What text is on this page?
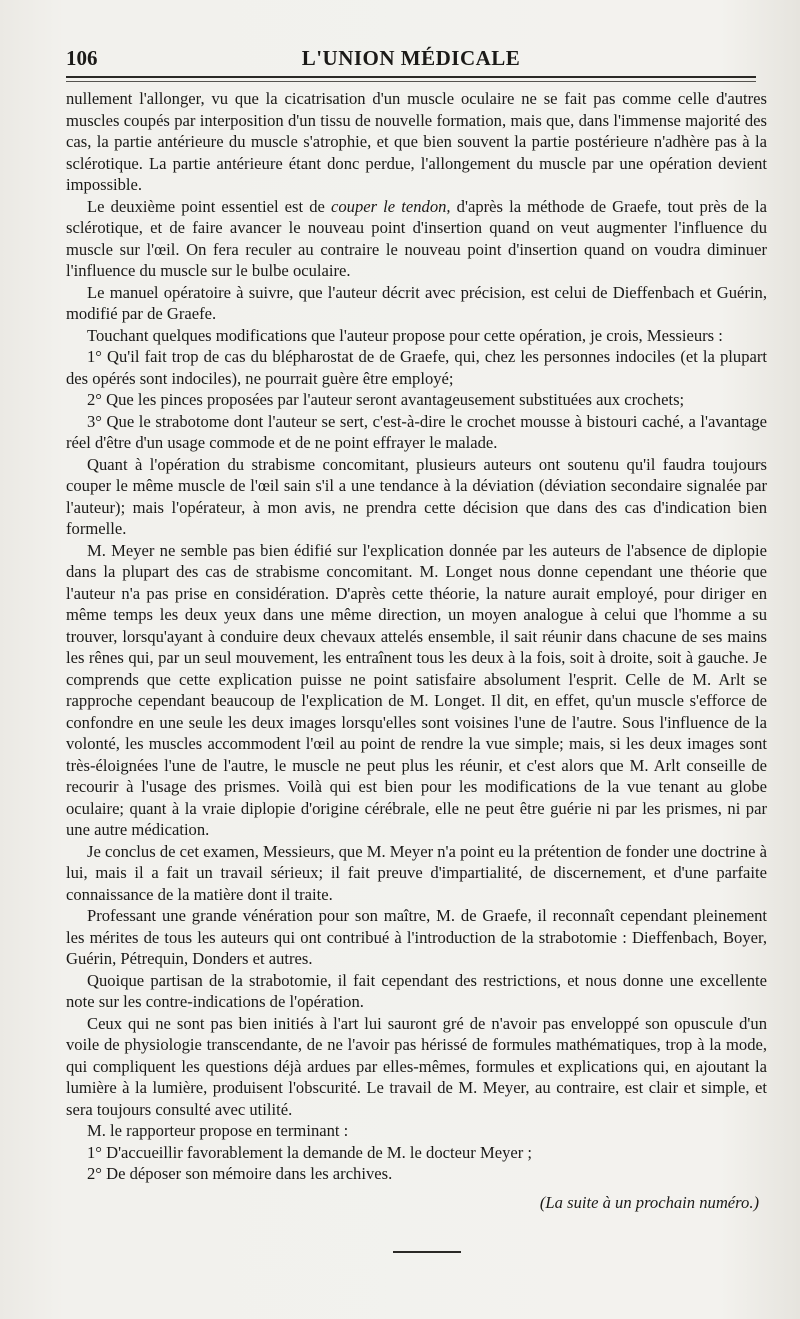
106	L'UNION MÉDICALE

nullement l'allonger, vu que la cicatrisation d'un muscle oculaire ne se fait pas comme celle d'autres muscles coupés par interposition d'un tissu de nouvelle formation, mais que, dans l'immense majorité des cas, la partie antérieure du muscle s'atrophie, et que bien souvent la partie postérieure n'adhère pas à la sclérotique. La partie antérieure étant donc perdue, l'allongement du muscle par une opération devient impossible.

Le deuxième point essentiel est de couper le tendon, d'après la méthode de Graefe, tout près de la sclérotique, et de faire avancer le nouveau point d'insertion quand on veut augmenter l'influence du muscle sur l'œil. On fera reculer au contraire le nouveau point d'insertion quand on voudra diminuer l'influence du muscle sur le bulbe oculaire.

Le manuel opératoire à suivre, que l'auteur décrit avec précision, est celui de Dieffenbach et Guérin, modifié par de Graefe.

Touchant quelques modifications que l'auteur propose pour cette opération, je crois, Messieurs :

1° Qu'il fait trop de cas du blépharostat de de Graefe, qui, chez les personnes indociles (et la plupart des opérés sont indociles), ne pourrait guère être employé;

2° Que les pinces proposées par l'auteur seront avantageusement substituées aux crochets;

3° Que le strabotome dont l'auteur se sert, c'est-à-dire le crochet mousse à bistouri caché, a l'avantage réel d'être d'un usage commode et de ne point effrayer le malade.

Quant à l'opération du strabisme concomitant, plusieurs auteurs ont soutenu qu'il faudra toujours couper le même muscle de l'œil sain s'il a une tendance à la déviation (déviation secondaire signalée par l'auteur); mais l'opérateur, à mon avis, ne prendra cette décision que dans des cas d'indication bien formelle.

M. Meyer ne semble pas bien édifié sur l'explication donnée par les auteurs de l'absence de diplopie dans la plupart des cas de strabisme concomitant. M. Longet nous donne cependant une théorie que l'auteur n'a pas prise en considération. D'après cette théorie, la nature aurait employé, pour diriger en même temps les deux yeux dans une même direction, un moyen analogue à celui que l'homme a su trouver, lorsqu'ayant à conduire deux chevaux attelés ensemble, il sait réunir dans chacune de ses mains les rênes qui, par un seul mouvement, les entraînent tous les deux à la fois, soit à droite, soit à gauche. Je comprends que cette explication puisse ne point satisfaire absolument l'esprit. Celle de M. Arlt se rapproche cependant beaucoup de l'explication de M. Longet. Il dit, en effet, qu'un muscle s'efforce de confondre en une seule les deux images lorsqu'elles sont voisines l'une de l'autre. Sous l'influence de la volonté, les muscles accommodent l'œil au point de rendre la vue simple; mais, si les deux images sont très-éloignées l'une de l'autre, le muscle ne peut plus les réunir, et c'est alors que M. Arlt conseille de recourir à l'usage des prismes. Voilà qui est bien pour les modifications de la vue tenant au globe oculaire; quant à la vraie diplopie d'origine cérébrale, elle ne peut être guérie ni par les prismes, ni par une autre médication.

Je conclus de cet examen, Messieurs, que M. Meyer n'a point eu la prétention de fonder une doctrine à lui, mais il a fait un travail sérieux; il fait preuve d'impartialité, de discernement, et d'une parfaite connaissance de la matière dont il traite.

Professant une grande vénération pour son maître, M. de Graefe, il reconnaît cependant pleinement les mérites de tous les auteurs qui ont contribué à l'introduction de la strabotomie : Dieffenbach, Boyer, Guérin, Pétrequin, Donders et autres.

Quoique partisan de la strabotomie, il fait cependant des restrictions, et nous donne une excellente note sur les contre-indications de l'opération.

Ceux qui ne sont pas bien initiés à l'art lui sauront gré de n'avoir pas enveloppé son opuscule d'un voile de physiologie transcendante, de ne l'avoir pas hérissé de formules mathématiques, trop à la mode, qui compliquent les questions déjà ardues par elles-mêmes, formules et explications qui, en ajoutant la lumière à la lumière, produisent l'obscurité. Le travail de M. Meyer, au contraire, est clair et simple, et sera toujours consulté avec utilité.

M. le rapporteur propose en terminant :

1° D'accueillir favorablement la demande de M. le docteur Meyer ;

2° De déposer son mémoire dans les archives.

(La suite à un prochain numéro.)
